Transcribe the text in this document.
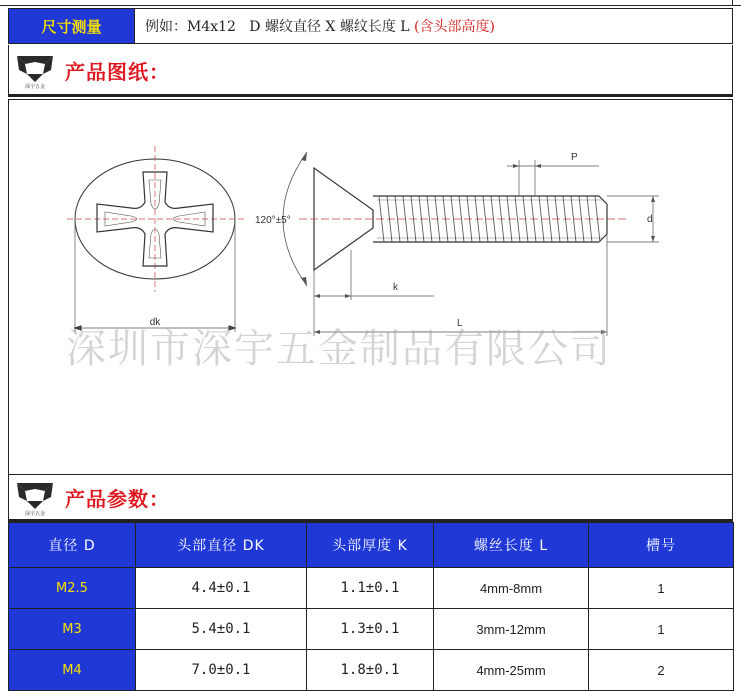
尺寸测量	例如：M4x12   D 螺纹直径 X 螺纹长度 L (含头部高度)
深宇五金
产品图纸：
dk
120°±5°
P
d
k
L
深圳市深宇五金制品有限公司
深宇五金
产品参数：
直径 D	头部直径 DK	头部厚度 K	螺丝长度 L	槽号
M2.5	4.4±0.1	1.1±0.1	4mm-8mm	1
M3	5.4±0.1	1.3±0.1	3mm-12mm	1
M4	7.0±0.1	1.8±0.1	4mm-25mm	2
